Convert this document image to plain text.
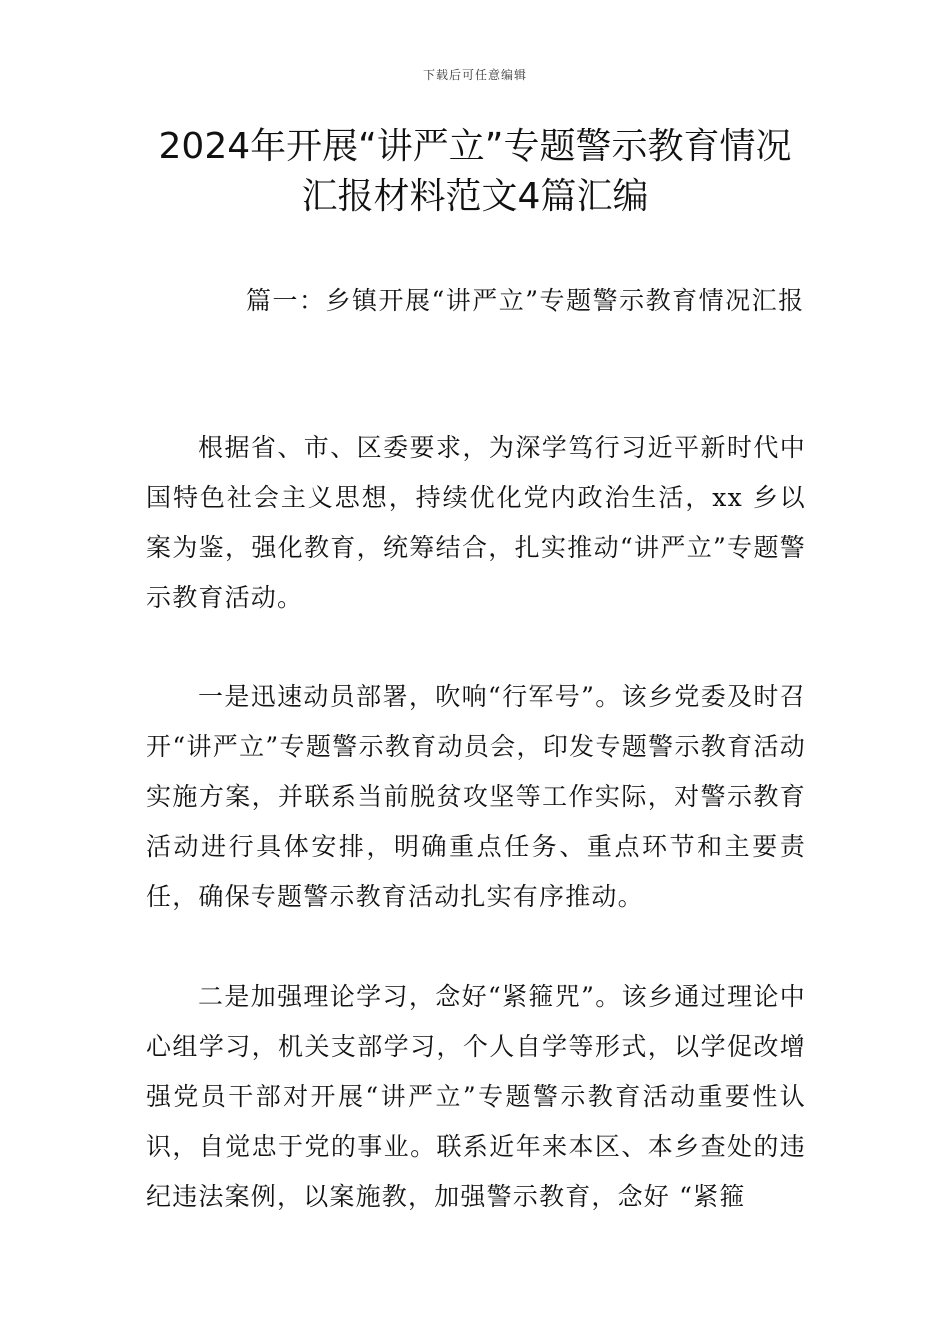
下载后可任意编辑
2024年开展“讲严立”专题警示教育情况
汇报材料范文4篇汇编

篇一：乡镇开展“讲严立”专题警示教育情况汇报

根据省、市、区委要求，为深学笃行习近平新时代中国特色社会主义思想，持续优化党内政治生活，xx 乡以案为鉴，强化教育，统筹结合，扎实推动“讲严立”专题警示教育活动。

一是迅速动员部署，吹响“行军号”。该乡党委及时召开“讲严立”专题警示教育动员会，印发专题警示教育活动实施方案，并联系当前脱贫攻坚等工作实际，对警示教育活动进行具体安排，明确重点任务、重点环节和主要责任，确保专题警示教育活动扎实有序推动。

二是加强理论学习，念好“紧箍咒”。该乡通过理论中心组学习，机关支部学习，个人自学等形式，以学促改增强党员干部对开展“讲严立”专题警示教育活动重要性认识，自觉忠于党的事业。联系近年来本区、本乡查处的违纪违法案例，以案施教，加强警示教育，念好 “紧箍
